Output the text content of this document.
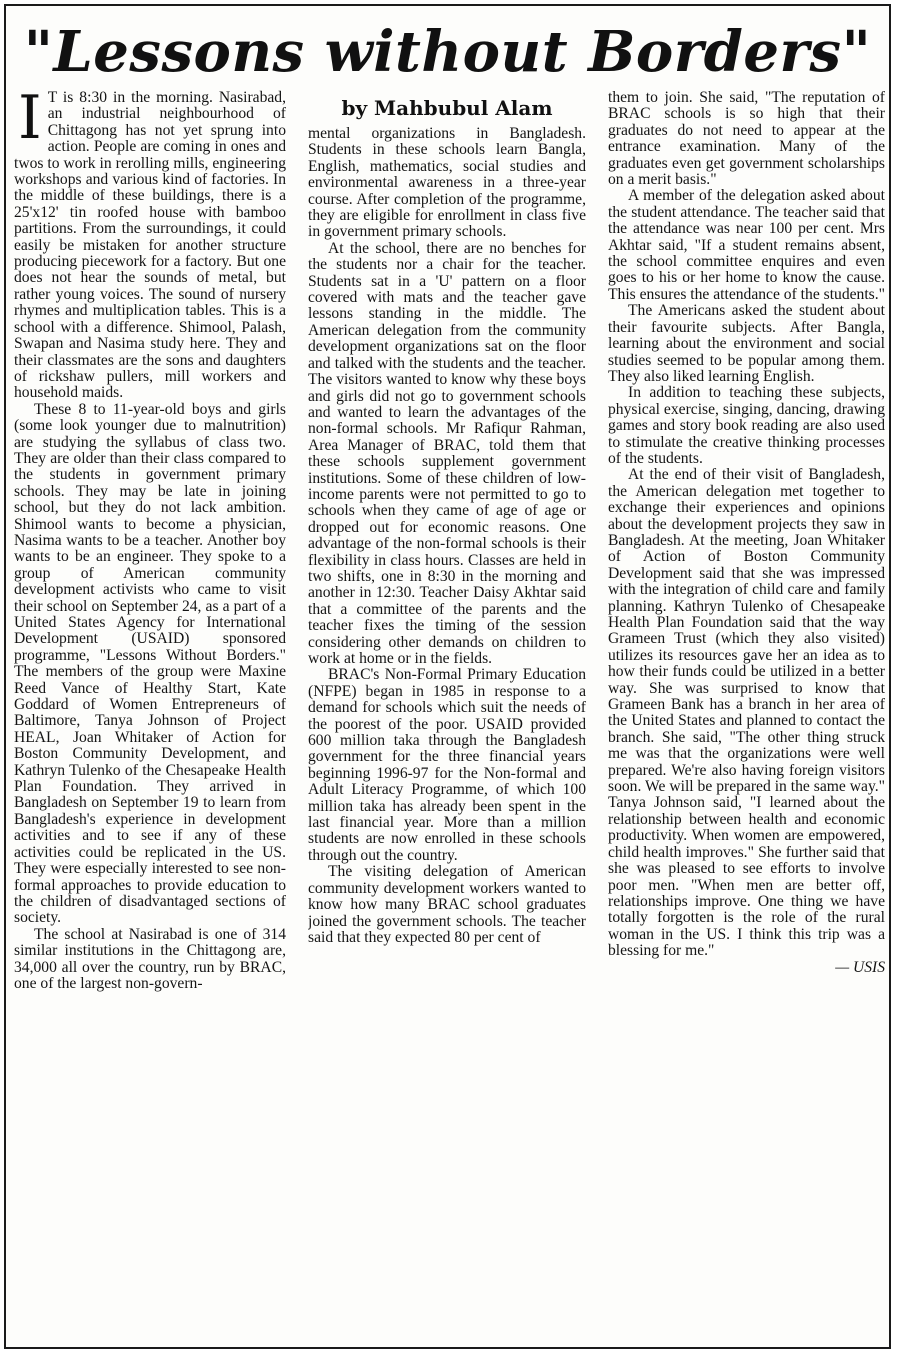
"Lessons without Borders"
I T is 8:30 in the morning. Nasirabad, an industrial neighbourhood of Chittagong has not yet sprung into action. People are coming in ones and twos to work in rerolling mills, engineering workshops and various kind of factories. In the middle of these buildings, there is a 25'x12' tin roofed house with bamboo partitions. From the surroundings, it could easily be mistaken for another structure producing piecework for a factory. But one does not hear the sounds of metal, but rather young voices. The sound of nursery rhymes and multiplication tables. This is a school with a difference. Shimool, Palash, Swapan and Nasima study here. They and their classmates are the sons and daughters of rickshaw pullers, mill workers and household maids.

These 8 to 11-year-old boys and girls (some look younger due to malnutrition) are studying the syllabus of class two. They are older than their class compared to the students in government primary schools. They may be late in joining school, but they do not lack ambition. Shimool wants to become a physician, Nasima wants to be a teacher. Another boy wants to be an engineer. They spoke to a group of American community development activists who came to visit their school on September 24, as a part of a United States Agency for International Development (USAID) sponsored programme, "Lessons Without Borders." The members of the group were Maxine Reed Vance of Healthy Start, Kate Goddard of Women Entrepreneurs of Baltimore, Tanya Johnson of Project HEAL, Joan Whitaker of Action for Boston Community Development, and Kathryn Tulenko of the Chesapeake Health Plan Foundation. They arrived in Bangladesh on September 19 to learn from Bangladesh's experience in development activities and to see if any of these activities could be replicated in the US. They were especially interested to see non-formal approaches to provide education to the children of disadvantaged sections of society.

The school at Nasirabad is one of 314 similar institutions in the Chittagong are, 34,000 all over the country, run by BRAC, one of the largest non-govern-

by Mahbubul Alam

mental organizations in Bangladesh. Students in these schools learn Bangla, English, mathematics, social studies and environmental awareness in a three-year course. After completion of the programme, they are eligible for enrollment in class five in government primary schools.

At the school, there are no benches for the students nor a chair for the teacher. Students sat in a 'U' pattern on a floor covered with mats and the teacher gave lessons standing in the middle. The American delegation from the community development organizations sat on the floor and talked with the students and the teacher. The visitors wanted to know why these boys and girls did not go to government schools and wanted to learn the advantages of the non-formal schools. Mr Rafiqur Rahman, Area Manager of BRAC, told them that these schools supplement government institutions. Some of these children of low-income parents were not permitted to go to schools when they came of age of age or dropped out for economic reasons. One advantage of the non-formal schools is their flexibility in class hours. Classes are held in two shifts, one in 8:30 in the morning and another in 12:30. Teacher Daisy Akhtar said that a committee of the parents and the teacher fixes the timing of the session considering other demands on children to work at home or in the fields.

BRAC's Non-Formal Primary Education (NFPE) began in 1985 in response to a demand for schools which suit the needs of the poorest of the poor. USAID provided 600 million taka through the Bangladesh government for the three financial years beginning 1996-97 for the Non-formal and Adult Literacy Programme, of which 100 million taka has already been spent in the last financial year. More than a million students are now enrolled in these schools through out the country.

The visiting delegation of American community development workers wanted to know how many BRAC school graduates joined the government schools. The teacher said that they expected 80 per cent of

them to join. She said, "The reputation of BRAC schools is so high that their graduates do not need to appear at the entrance examination. Many of the graduates even get government scholarships on a merit basis."

A member of the delegation asked about the student attendance. The teacher said that the attendance was near 100 per cent. Mrs Akhtar said, "If a student remains absent, the school committee enquires and even goes to his or her home to know the cause. This ensures the attendance of the students."

The Americans asked the student about their favourite subjects. After Bangla, learning about the environment and social studies seemed to be popular among them. They also liked learning English.

In addition to teaching these subjects, physical exercise, singing, dancing, drawing games and story book reading are also used to stimulate the creative thinking processes of the students.

At the end of their visit of Bangladesh, the American delegation met together to exchange their experiences and opinions about the development projects they saw in Bangladesh. At the meeting, Joan Whitaker of Action of Boston Community Development said that she was impressed with the integration of child care and family planning. Kathryn Tulenko of Chesapeake Health Plan Foundation said that the way Grameen Trust (which they also visited) utilizes its resources gave her an idea as to how their funds could be utilized in a better way. She was surprised to know that Grameen Bank has a branch in her area of the United States and planned to contact the branch. She said, "The other thing struck me was that the organizations were well prepared. We're also having foreign visitors soon. We will be prepared in the same way." Tanya Johnson said, "I learned about the relationship between health and economic productivity. When women are empowered, child health improves." She further said that she was pleased to see efforts to involve poor men. "When men are better off, relationships improve. One thing we have totally forgotten is the role of the rural woman in the US. I think this trip was a blessing for me."

— USIS
